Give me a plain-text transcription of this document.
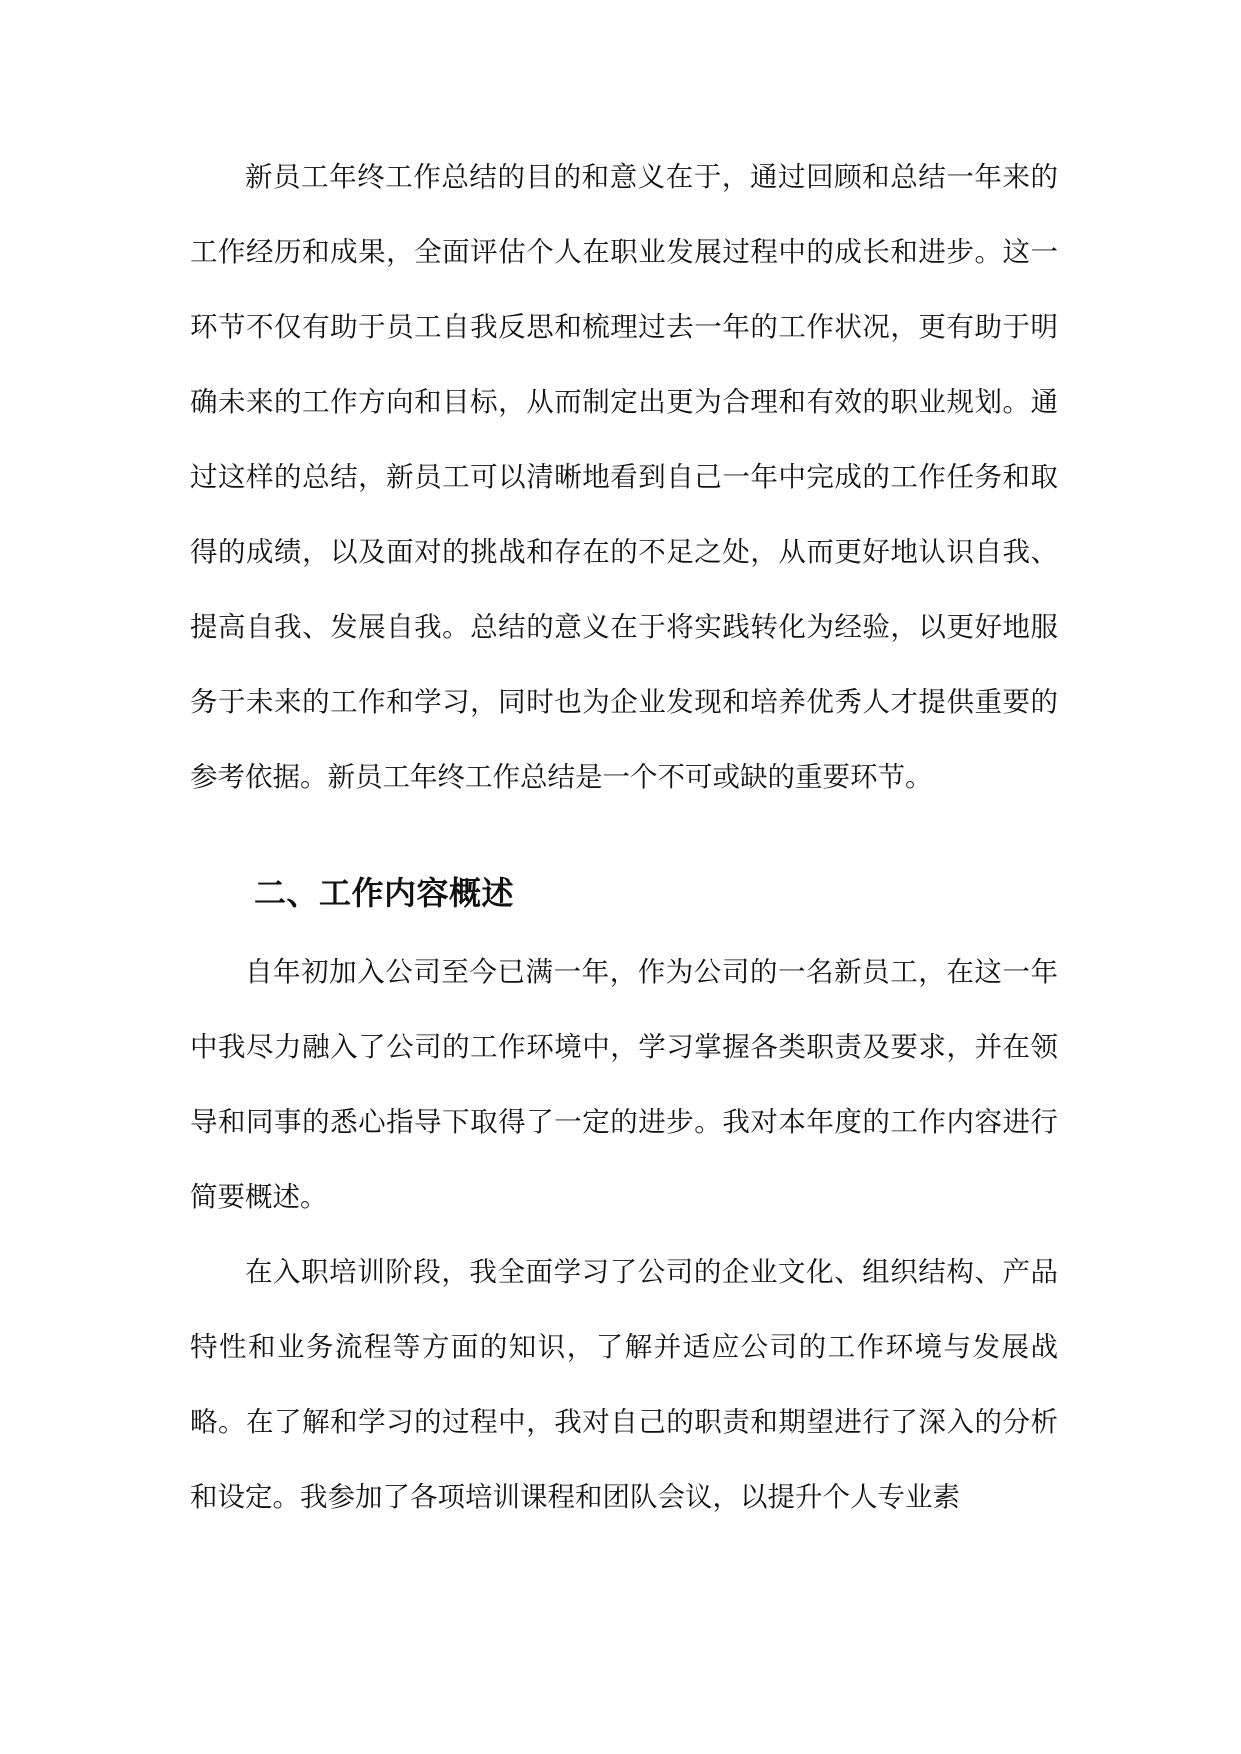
新员工年终工作总结的目的和意义在于，通过回顾和总结一年来的工作经历和成果，全面评估个人在职业发展过程中的成长和进步。这一环节不仅有助于员工自我反思和梳理过去一年的工作状况，更有助于明确未来的工作方向和目标，从而制定出更为合理和有效的职业规划。通过这样的总结，新员工可以清晰地看到自己一年中完成的工作任务和取得的成绩，以及面对的挑战和存在的不足之处，从而更好地认识自我、提高自我、发展自我。总结的意义在于将实践转化为经验，以更好地服务于未来的工作和学习，同时也为企业发现和培养优秀人才提供重要的参考依据。新员工年终工作总结是一个不可或缺的重要环节。

二、工作内容概述

自年初加入公司至今已满一年，作为公司的一名新员工，在这一年中我尽力融入了公司的工作环境中，学习掌握各类职责及要求，并在领导和同事的悉心指导下取得了一定的进步。我对本年度的工作内容进行简要概述。

在入职培训阶段，我全面学习了公司的企业文化、组织结构、产品特性和业务流程等方面的知识，了解并适应公司的工作环境与发展战略。在了解和学习的过程中，我对自己的职责和期望进行了深入的分析和设定。我参加了各项培训课程和团队会议，以提升个人专业素
